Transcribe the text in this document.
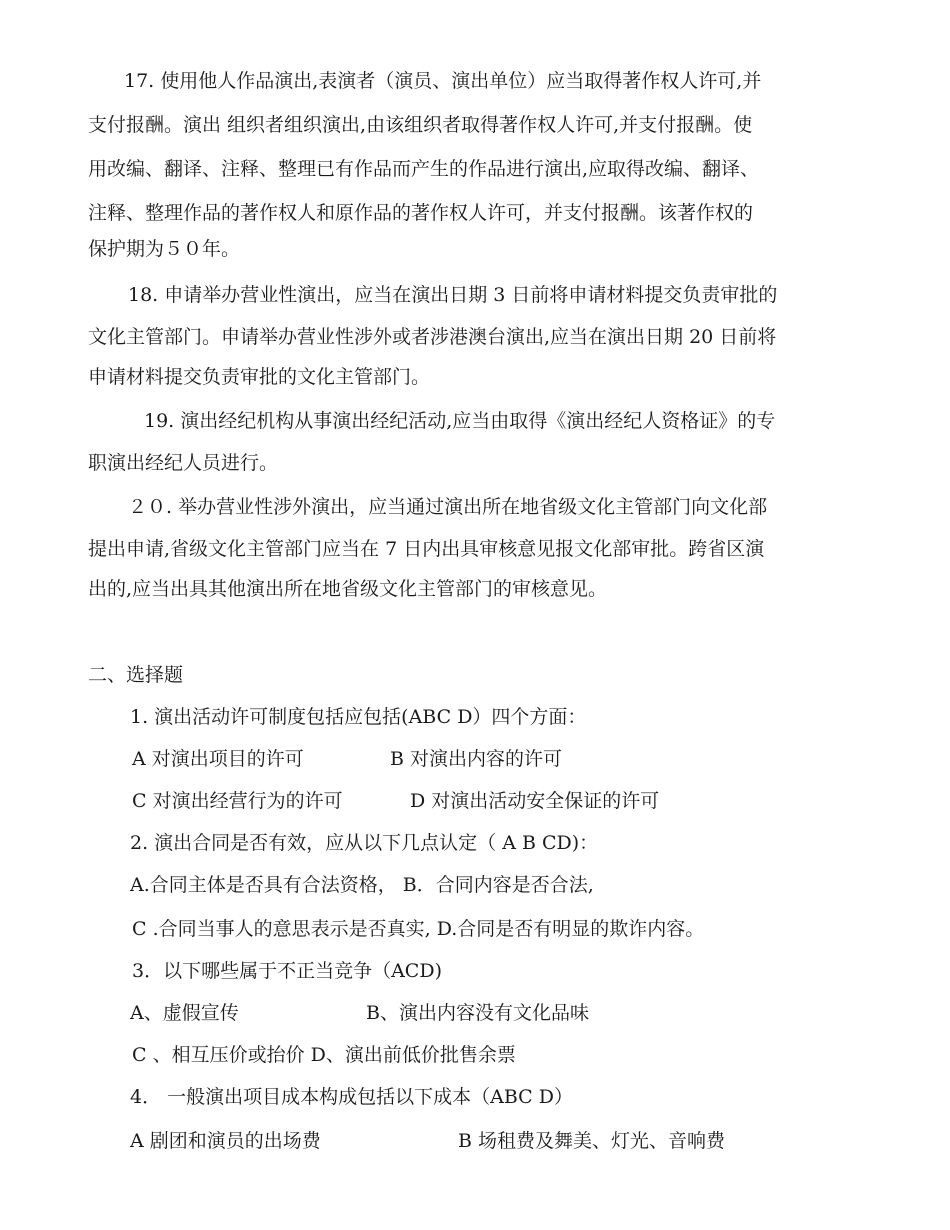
17. 使用他人作品演出,表演者（演员、演出单位）应当取得著作权人许可,并
支付报酬。演出 组织者组织演出,由该组织者取得著作权人许可,并支付报酬。使
用改编、翻译、注释、整理已有作品而产生的作品进行演出,应取得改编、翻译、
注释、整理作品的著作权人和原作品的著作权人许可，并支付报酬。该著作权的
保护期为５０年。
18. 申请举办营业性演出，应当在演出日期 3 日前将申请材料提交负责审批的
文化主管部门。申请举办营业性涉外或者涉港澳台演出,应当在演出日期 20 日前将
申请材料提交负责审批的文化主管部门。
19. 演出经纪机构从事演出经纪活动,应当由取得《演出经纪人资格证》的专
职演出经纪人员进行。
２０. 举办营业性涉外演出，应当通过演出所在地省级文化主管部门向文化部
提出申请,省级文化主管部门应当在 7 日内出具审核意见报文化部审批。跨省区演
出的,应当出具其他演出所在地省级文化主管部门的审核意见。
二、选择题
1. 演出活动许可制度包括应包括(ABC D）四个方面：
A 对演出项目的许可	B 对演出内容的许可
C 对演出经营行为的许可	D 对演出活动安全保证的许可
2. 演出合同是否有效，应从以下几点认定（ A B CD)：
A.合同主体是否具有合法资格， B．合同内容是否合法,
C .合同当事人的意思表示是否真实, D.合同是否有明显的欺诈内容。
3．以下哪些属于不正当竞争（ACD)
A、虚假宣传	B、演出内容没有文化品味
C 、相互压价或抬价 D、演出前低价批售余票
4． 一般演出项目成本构成包括以下成本（ABC D）
A 剧团和演员的出场费	B 场租费及舞美、灯光、音响费
